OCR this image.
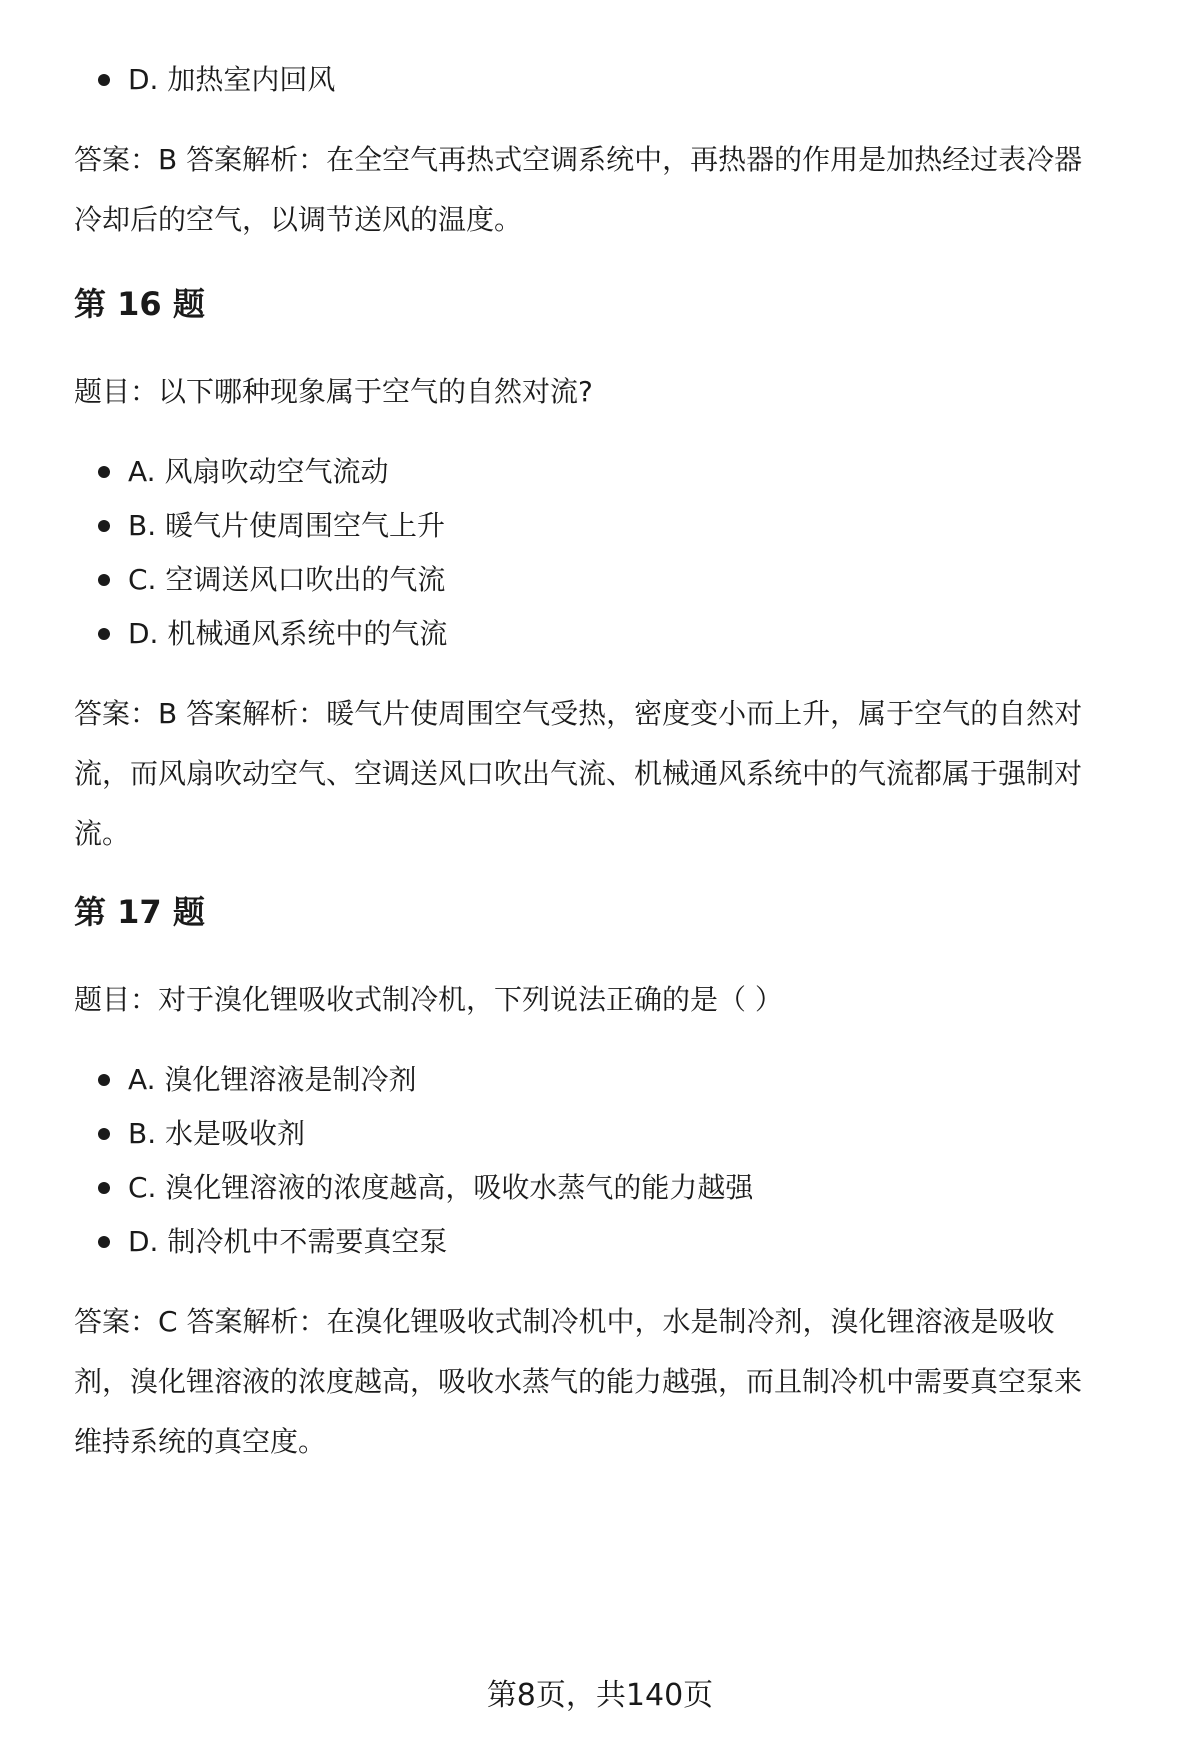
D. 加热室内回风
答案：B 答案解析：在全空气再热式空调系统中，再热器的作用是加热经过表冷器
冷却后的空气，以调节送风的温度。
第 16 题
题目：以下哪种现象属于空气的自然对流?
A. 风扇吹动空气流动
B. 暖气片使周围空气上升
C. 空调送风口吹出的气流
D. 机械通风系统中的气流
答案：B 答案解析：暖气片使周围空气受热，密度变小而上升，属于空气的自然对
流，而风扇吹动空气、空调送风口吹出气流、机械通风系统中的气流都属于强制对
流。
第 17 题
题目：对于溴化锂吸收式制冷机，下列说法正确的是（ ）
A. 溴化锂溶液是制冷剂
B. 水是吸收剂
C. 溴化锂溶液的浓度越高，吸收水蒸气的能力越强
D. 制冷机中不需要真空泵
答案：C 答案解析：在溴化锂吸收式制冷机中，水是制冷剂，溴化锂溶液是吸收
剂，溴化锂溶液的浓度越高，吸收水蒸气的能力越强，而且制冷机中需要真空泵来
维持系统的真空度。
第8页，共140页
